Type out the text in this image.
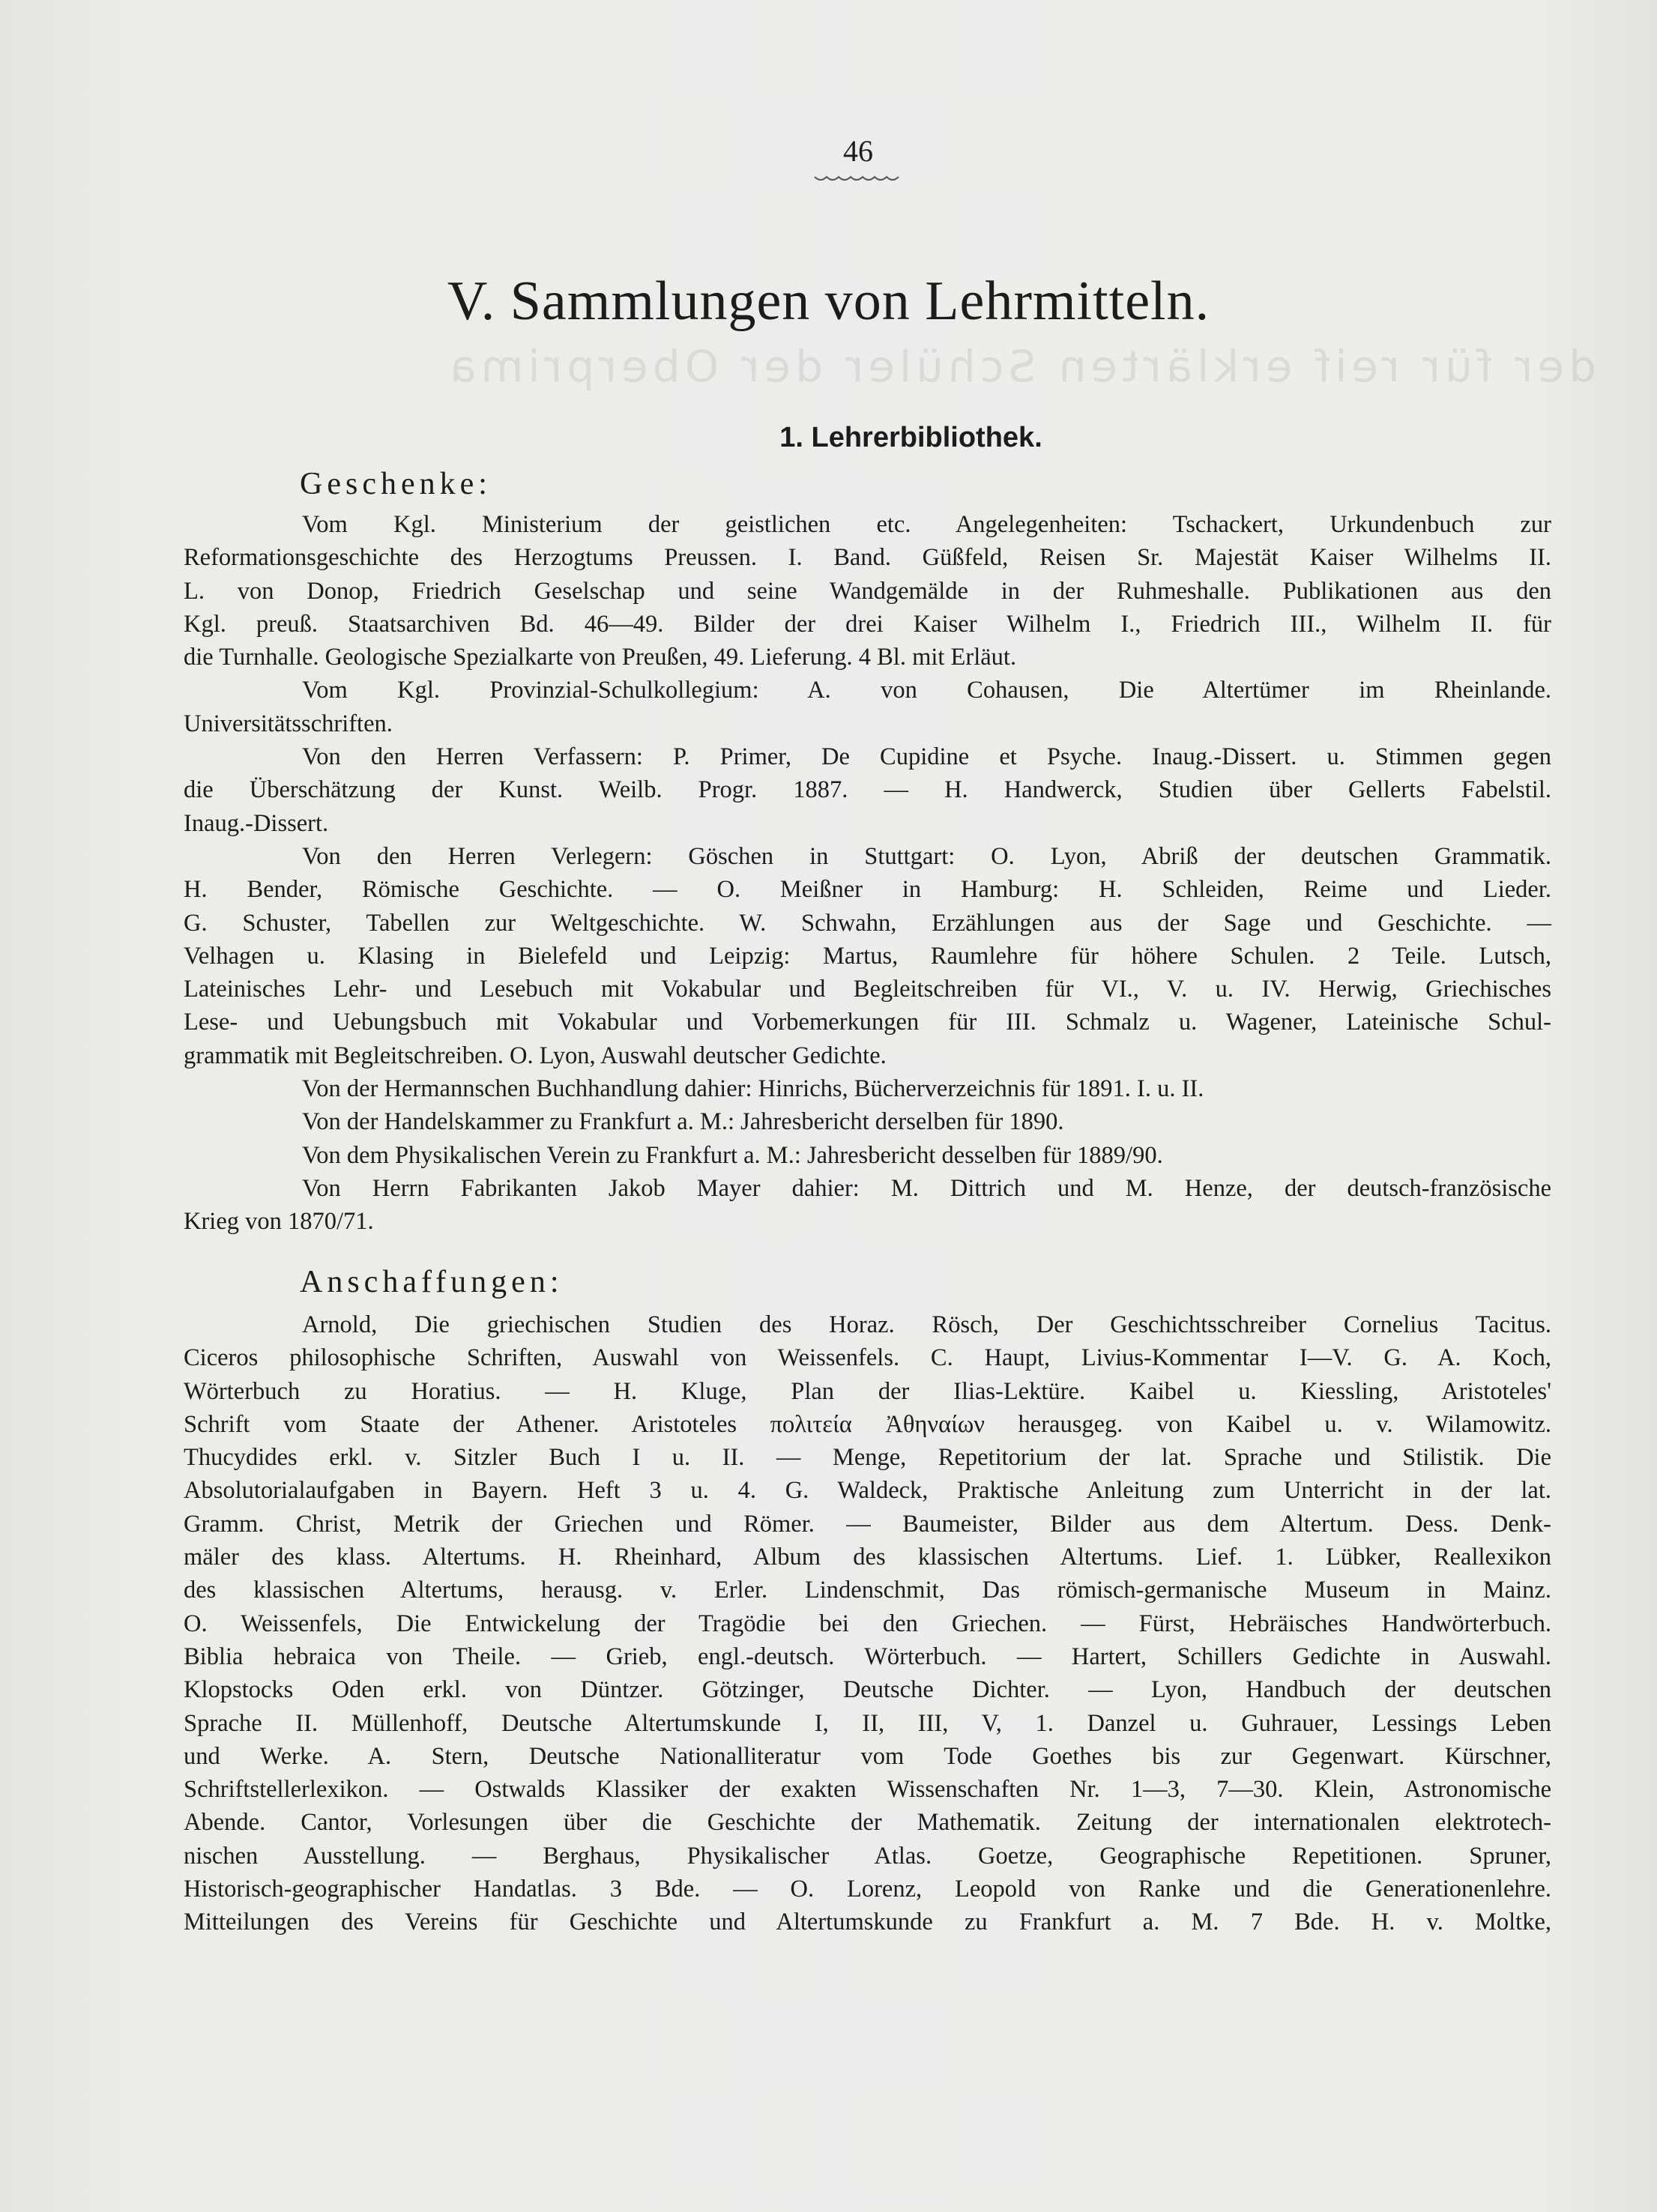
der für reif erklärten Schüler der Oberprima
46
V. Sammlungen von Lehrmitteln.
1. Lehrerbibliothek.
Geschenke:
Vom Kgl. Ministerium der geistlichen etc. Angelegenheiten: Tschackert, Urkundenbuch zur
Reformationsgeschichte des Herzogtums Preussen. I. Band. Güßfeld, Reisen Sr. Majestät Kaiser Wilhelms II.
L. von Donop, Friedrich Geselschap und seine Wandgemälde in der Ruhmeshalle. Publikationen aus den
Kgl. preuß. Staatsarchiven Bd. 46—49. Bilder der drei Kaiser Wilhelm I., Friedrich III., Wilhelm II. für
die Turnhalle. Geologische Spezialkarte von Preußen, 49. Lieferung. 4 Bl. mit Erläut.
Vom Kgl. Provinzial-Schulkollegium: A. von Cohausen, Die Altertümer im Rheinlande.
Universitätsschriften.
Von den Herren Verfassern: P. Primer, De Cupidine et Psyche. Inaug.-Dissert. u. Stimmen gegen
die Überschätzung der Kunst. Weilb. Progr. 1887. — H. Handwerck, Studien über Gellerts Fabelstil.
Inaug.-Dissert.
Von den Herren Verlegern: Göschen in Stuttgart: O. Lyon, Abriß der deutschen Grammatik.
H. Bender, Römische Geschichte. — O. Meißner in Hamburg: H. Schleiden, Reime und Lieder.
G. Schuster, Tabellen zur Weltgeschichte. W. Schwahn, Erzählungen aus der Sage und Geschichte. —
Velhagen u. Klasing in Bielefeld und Leipzig: Martus, Raumlehre für höhere Schulen. 2 Teile. Lutsch,
Lateinisches Lehr- und Lesebuch mit Vokabular und Begleitschreiben für VI., V. u. IV. Herwig, Griechisches
Lese- und Uebungsbuch mit Vokabular und Vorbemerkungen für III. Schmalz u. Wagener, Lateinische Schul-
grammatik mit Begleitschreiben. O. Lyon, Auswahl deutscher Gedichte.
Von der Hermannschen Buchhandlung dahier: Hinrichs, Bücherverzeichnis für 1891. I. u. II.
Von der Handelskammer zu Frankfurt a. M.: Jahresbericht derselben für 1890.
Von dem Physikalischen Verein zu Frankfurt a. M.: Jahresbericht desselben für 1889/90.
Von Herrn Fabrikanten Jakob Mayer dahier: M. Dittrich und M. Henze, der deutsch-französische
Krieg von 1870/71.
Anschaffungen:
Arnold, Die griechischen Studien des Horaz. Rösch, Der Geschichtsschreiber Cornelius Tacitus.
Ciceros philosophische Schriften, Auswahl von Weissenfels. C. Haupt, Livius-Kommentar I—V. G. A. Koch,
Wörterbuch zu Horatius. — H. Kluge, Plan der Ilias-Lektüre. Kaibel u. Kiessling, Aristoteles'
Schrift vom Staate der Athener. Aristoteles πολιτεία Ἀθηναίων herausgeg. von Kaibel u. v. Wilamowitz.
Thucydides erkl. v. Sitzler Buch I u. II. — Menge, Repetitorium der lat. Sprache und Stilistik. Die
Absolutorialaufgaben in Bayern. Heft 3 u. 4. G. Waldeck, Praktische Anleitung zum Unterricht in der lat.
Gramm. Christ, Metrik der Griechen und Römer. — Baumeister, Bilder aus dem Altertum. Dess. Denk-
mäler des klass. Altertums. H. Rheinhard, Album des klassischen Altertums. Lief. 1. Lübker, Reallexikon
des klassischen Altertums, herausg. v. Erler. Lindenschmit, Das römisch-germanische Museum in Mainz.
O. Weissenfels, Die Entwickelung der Tragödie bei den Griechen. — Fürst, Hebräisches Handwörterbuch.
Biblia hebraica von Theile. — Grieb, engl.-deutsch. Wörterbuch. — Hartert, Schillers Gedichte in Auswahl.
Klopstocks Oden erkl. von Düntzer. Götzinger, Deutsche Dichter. — Lyon, Handbuch der deutschen
Sprache II. Müllenhoff, Deutsche Altertumskunde I, II, III, V, 1. Danzel u. Guhrauer, Lessings Leben
und Werke. A. Stern, Deutsche Nationalliteratur vom Tode Goethes bis zur Gegenwart. Kürschner,
Schriftstellerlexikon. — Ostwalds Klassiker der exakten Wissenschaften Nr. 1—3, 7—30. Klein, Astronomische
Abende. Cantor, Vorlesungen über die Geschichte der Mathematik. Zeitung der internationalen elektrotech-
nischen Ausstellung. — Berghaus, Physikalischer Atlas. Goetze, Geographische Repetitionen. Spruner,
Historisch-geographischer Handatlas. 3 Bde. — O. Lorenz, Leopold von Ranke und die Generationenlehre.
Mitteilungen des Vereins für Geschichte und Altertumskunde zu Frankfurt a. M. 7 Bde. H. v. Moltke,
